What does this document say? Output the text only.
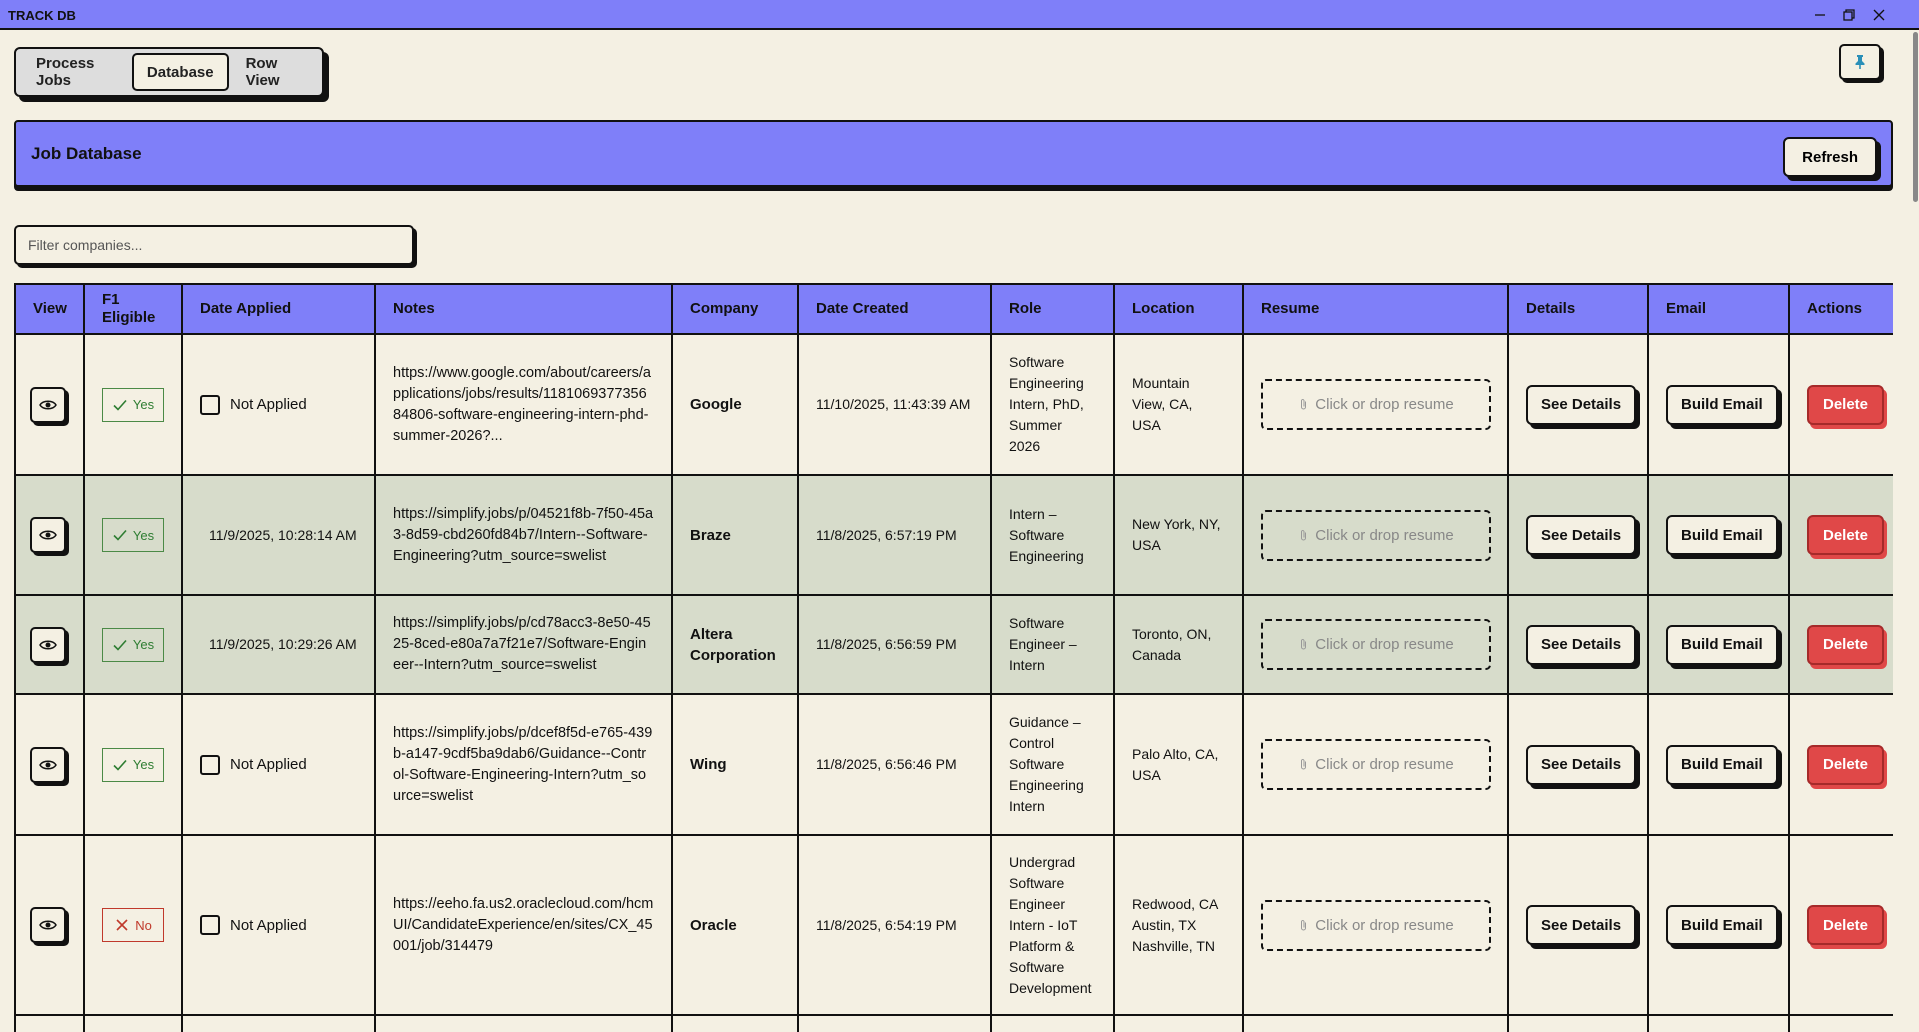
TRACK DB
Process Jobs	Database	Row View
Job Database	Refresh
Filter companies...
View	F1 Eligible	Date Applied	Notes	Company	Date Created	Role	Location	Resume	Details	Email	Actions

Yes	Not Applied	https://www.google.com/about/careers/applications/jobs/results/118106937735684806-software-engineering-intern-phd-summer-2026?...	Google	11/10/2025, 11:43:39 AM	Software Engineering Intern, PhD, Summer 2026	Mountain View, CA, USA	Click or drop resume	See Details	Build Email	Delete

Yes	11/9/2025, 10:28:14 AM	https://simplify.jobs/p/04521f8b-7f50-45a3-8d59-cbd260fd84b7/Intern--Software-Engineering?utm_source=swelist	Braze	11/8/2025, 6:57:19 PM	Intern – Software Engineering	New York, NY, USA	Click or drop resume	See Details	Build Email	Delete

Yes	11/9/2025, 10:29:26 AM	https://simplify.jobs/p/cd78acc3-8e50-4525-8ced-e80a7a7f21e7/Software-Engineer--Intern?utm_source=swelist	Altera Corporation	11/8/2025, 6:56:59 PM	Software Engineer – Intern	Toronto, ON, Canada	Click or drop resume	See Details	Build Email	Delete

Yes	Not Applied	https://simplify.jobs/p/dcef8f5d-e765-439b-a147-9cdf5ba9dab6/Guidance--Control-Software-Engineering-Intern?utm_source=swelist	Wing	11/8/2025, 6:56:46 PM	Guidance – Control Software Engineering Intern	Palo Alto, CA, USA	Click or drop resume	See Details	Build Email	Delete

No	Not Applied	https://eeho.fa.us2.oraclecloud.com/hcmUI/CandidateExperience/en/sites/CX_45001/job/314479	Oracle	11/8/2025, 6:54:19 PM	Undergrad Software Engineer Intern - IoT Platform & Software Development	Redwood, CA Austin, TX Nashville, TN	Click or drop resume	See Details	Build Email	Delete
